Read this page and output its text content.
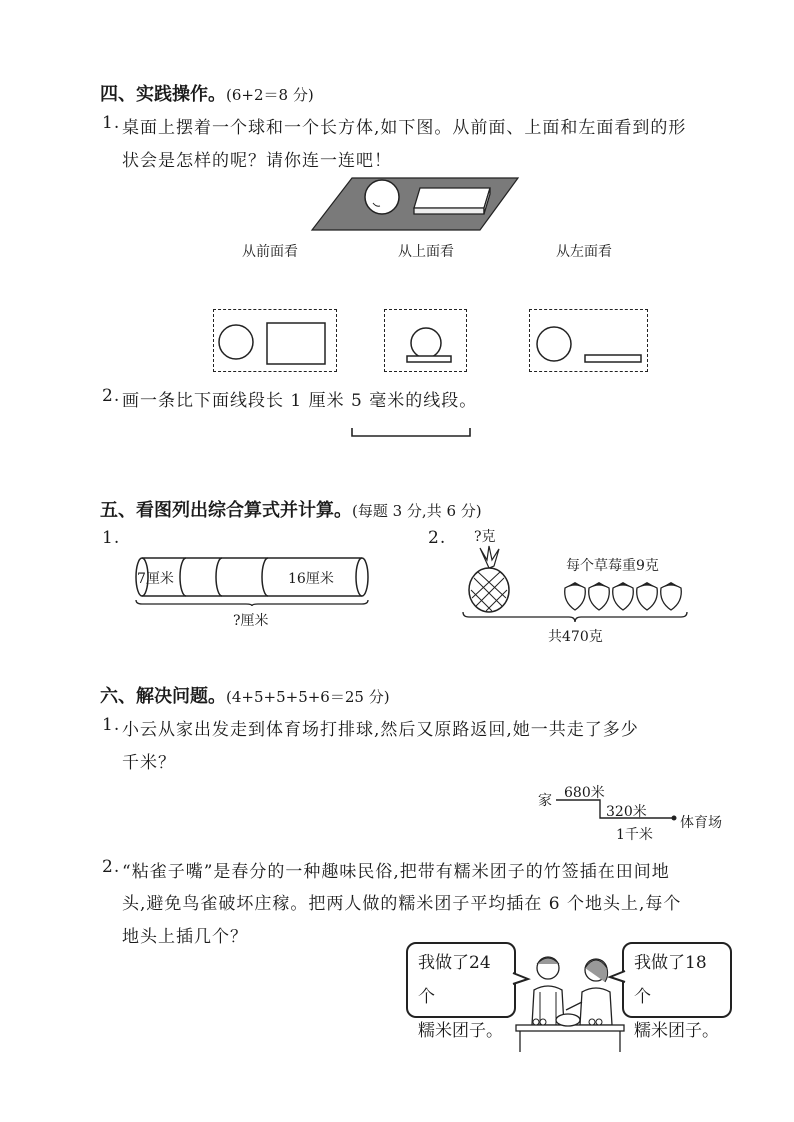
四、实践操作。(6+2＝8 分)
1. 桌面上摆着一个球和一个长方体,如下图。从前面、上面和左面看到的形
状会是怎样的呢？请你连一连吧！
从前面看	从上面看	从左面看
2. 画一条比下面线段长 1 厘米 5 毫米的线段。
五、看图列出综合算式并计算。(每题 3 分,共 6 分)
1.
7厘米	16厘米
?厘米
2. ?克
每个草莓重9克
共470克
六、解决问题。(4+5+5+5+6＝25 分)
1. 小云从家出发走到体育场打排球,然后又原路返回,她一共走了多少
千米？
家 680米
320米
1千米
体育场
2. “粘雀子嘴”是春分的一种趣味民俗,把带有糯米团子的竹签插在田间地
头,避免鸟雀破坏庄稼。把两人做的糯米团子平均插在 6 个地头上,每个
地头上插几个？
我做了24个
糯米团子。
我做了18个
糯米团子。
